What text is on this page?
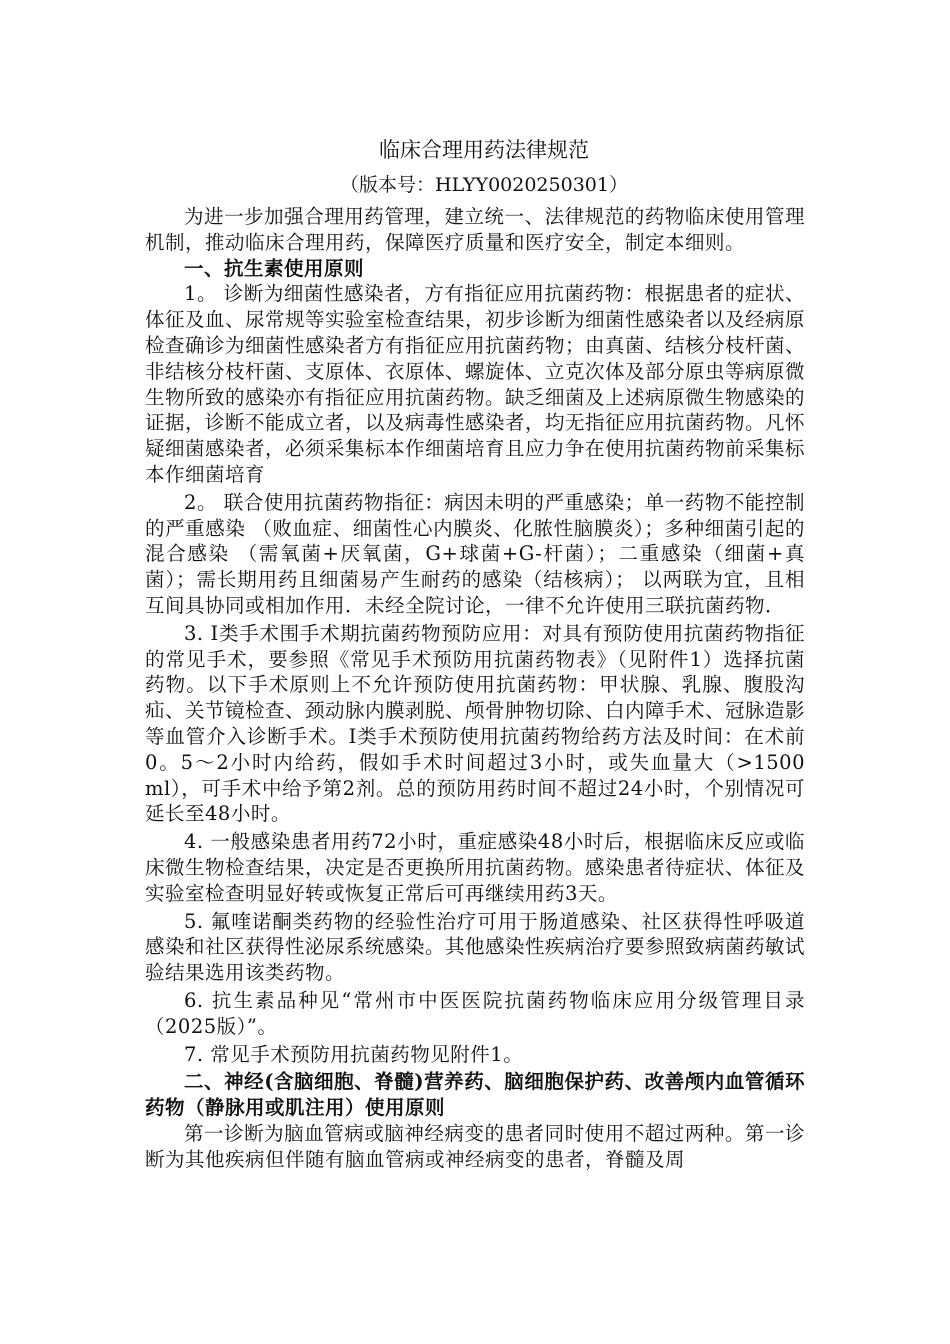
临床合理用药法律规范
（版本号：HLYY0020250301）

为进一步加强合理用药管理，建立统一、法律规范的药物临床使用管理机制，推动临床合理用药，保障医疗质量和医疗安全，制定本细则。

一、抗生素使用原则

1。 诊断为细菌性感染者，方有指征应用抗菌药物：根据患者的症状、体征及血、尿常规等实验室检查结果，初步诊断为细菌性感染者以及经病原检查确诊为细菌性感染者方有指征应用抗菌药物；由真菌、结核分枝杆菌、非结核分枝杆菌、支原体、衣原体、螺旋体、立克次体及部分原虫等病原微生物所致的感染亦有指征应用抗菌药物。缺乏细菌及上述病原微生物感染的证据，诊断不能成立者，以及病毒性感染者，均无指征应用抗菌药物。凡怀疑细菌感染者，必须采集标本作细菌培育且应力争在使用抗菌药物前采集标本作细菌培育

2。 联合使用抗菌药物指征：病因未明的严重感染；单一药物不能控制的严重感染 （败血症、细菌性心内膜炎、化脓性脑膜炎）；多种细菌引起的混合感染 （需氧菌+厌氧菌，G+球菌+G-杆菌）；二重感染（细菌+真菌）；需长期用药且细菌易产生耐药的感染（结核病）； 以两联为宜，且相互间具协同或相加作用．未经全院讨论，一律不允许使用三联抗菌药物．

3. I类手术围手术期抗菌药物预防应用：对具有预防使用抗菌药物指征的常见手术，要参照《常见手术预防用抗菌药物表》（见附件1）选择抗菌药物。以下手术原则上不允许预防使用抗菌药物：甲状腺、乳腺、腹股沟疝、关节镜检查、颈动脉内膜剥脱、颅骨肿物切除、白内障手术、冠脉造影等血管介入诊断手术。I类手术预防使用抗菌药物给药方法及时间：在术前0。5～2小时内给药，假如手术时间超过3小时，或失血量大（>1500 ml），可手术中给予第2剂。总的预防用药时间不超过24小时，个别情况可延长至48小时。

4. 一般感染患者用药72小时，重症感染48小时后，根据临床反应或临床微生物检查结果，决定是否更换所用抗菌药物。感染患者待症状、体征及实验室检查明显好转或恢复正常后可再继续用药3天。

5. 氟喹诺酮类药物的经验性治疗可用于肠道感染、社区获得性呼吸道感染和社区获得性泌尿系统感染。其他感染性疾病治疗要参照致病菌药敏试验结果选用该类药物。

6. 抗生素品种见“常州市中医医院抗菌药物临床应用分级管理目录（2025版）”。

7. 常见手术预防用抗菌药物见附件1。

二、神经(含脑细胞、脊髓)营养药、脑细胞保护药、改善颅内血管循环药物（静脉用或肌注用）使用原则

第一诊断为脑血管病或脑神经病变的患者同时使用不超过两种。第一诊断为其他疾病但伴随有脑血管病或神经病变的患者，脊髓及周
